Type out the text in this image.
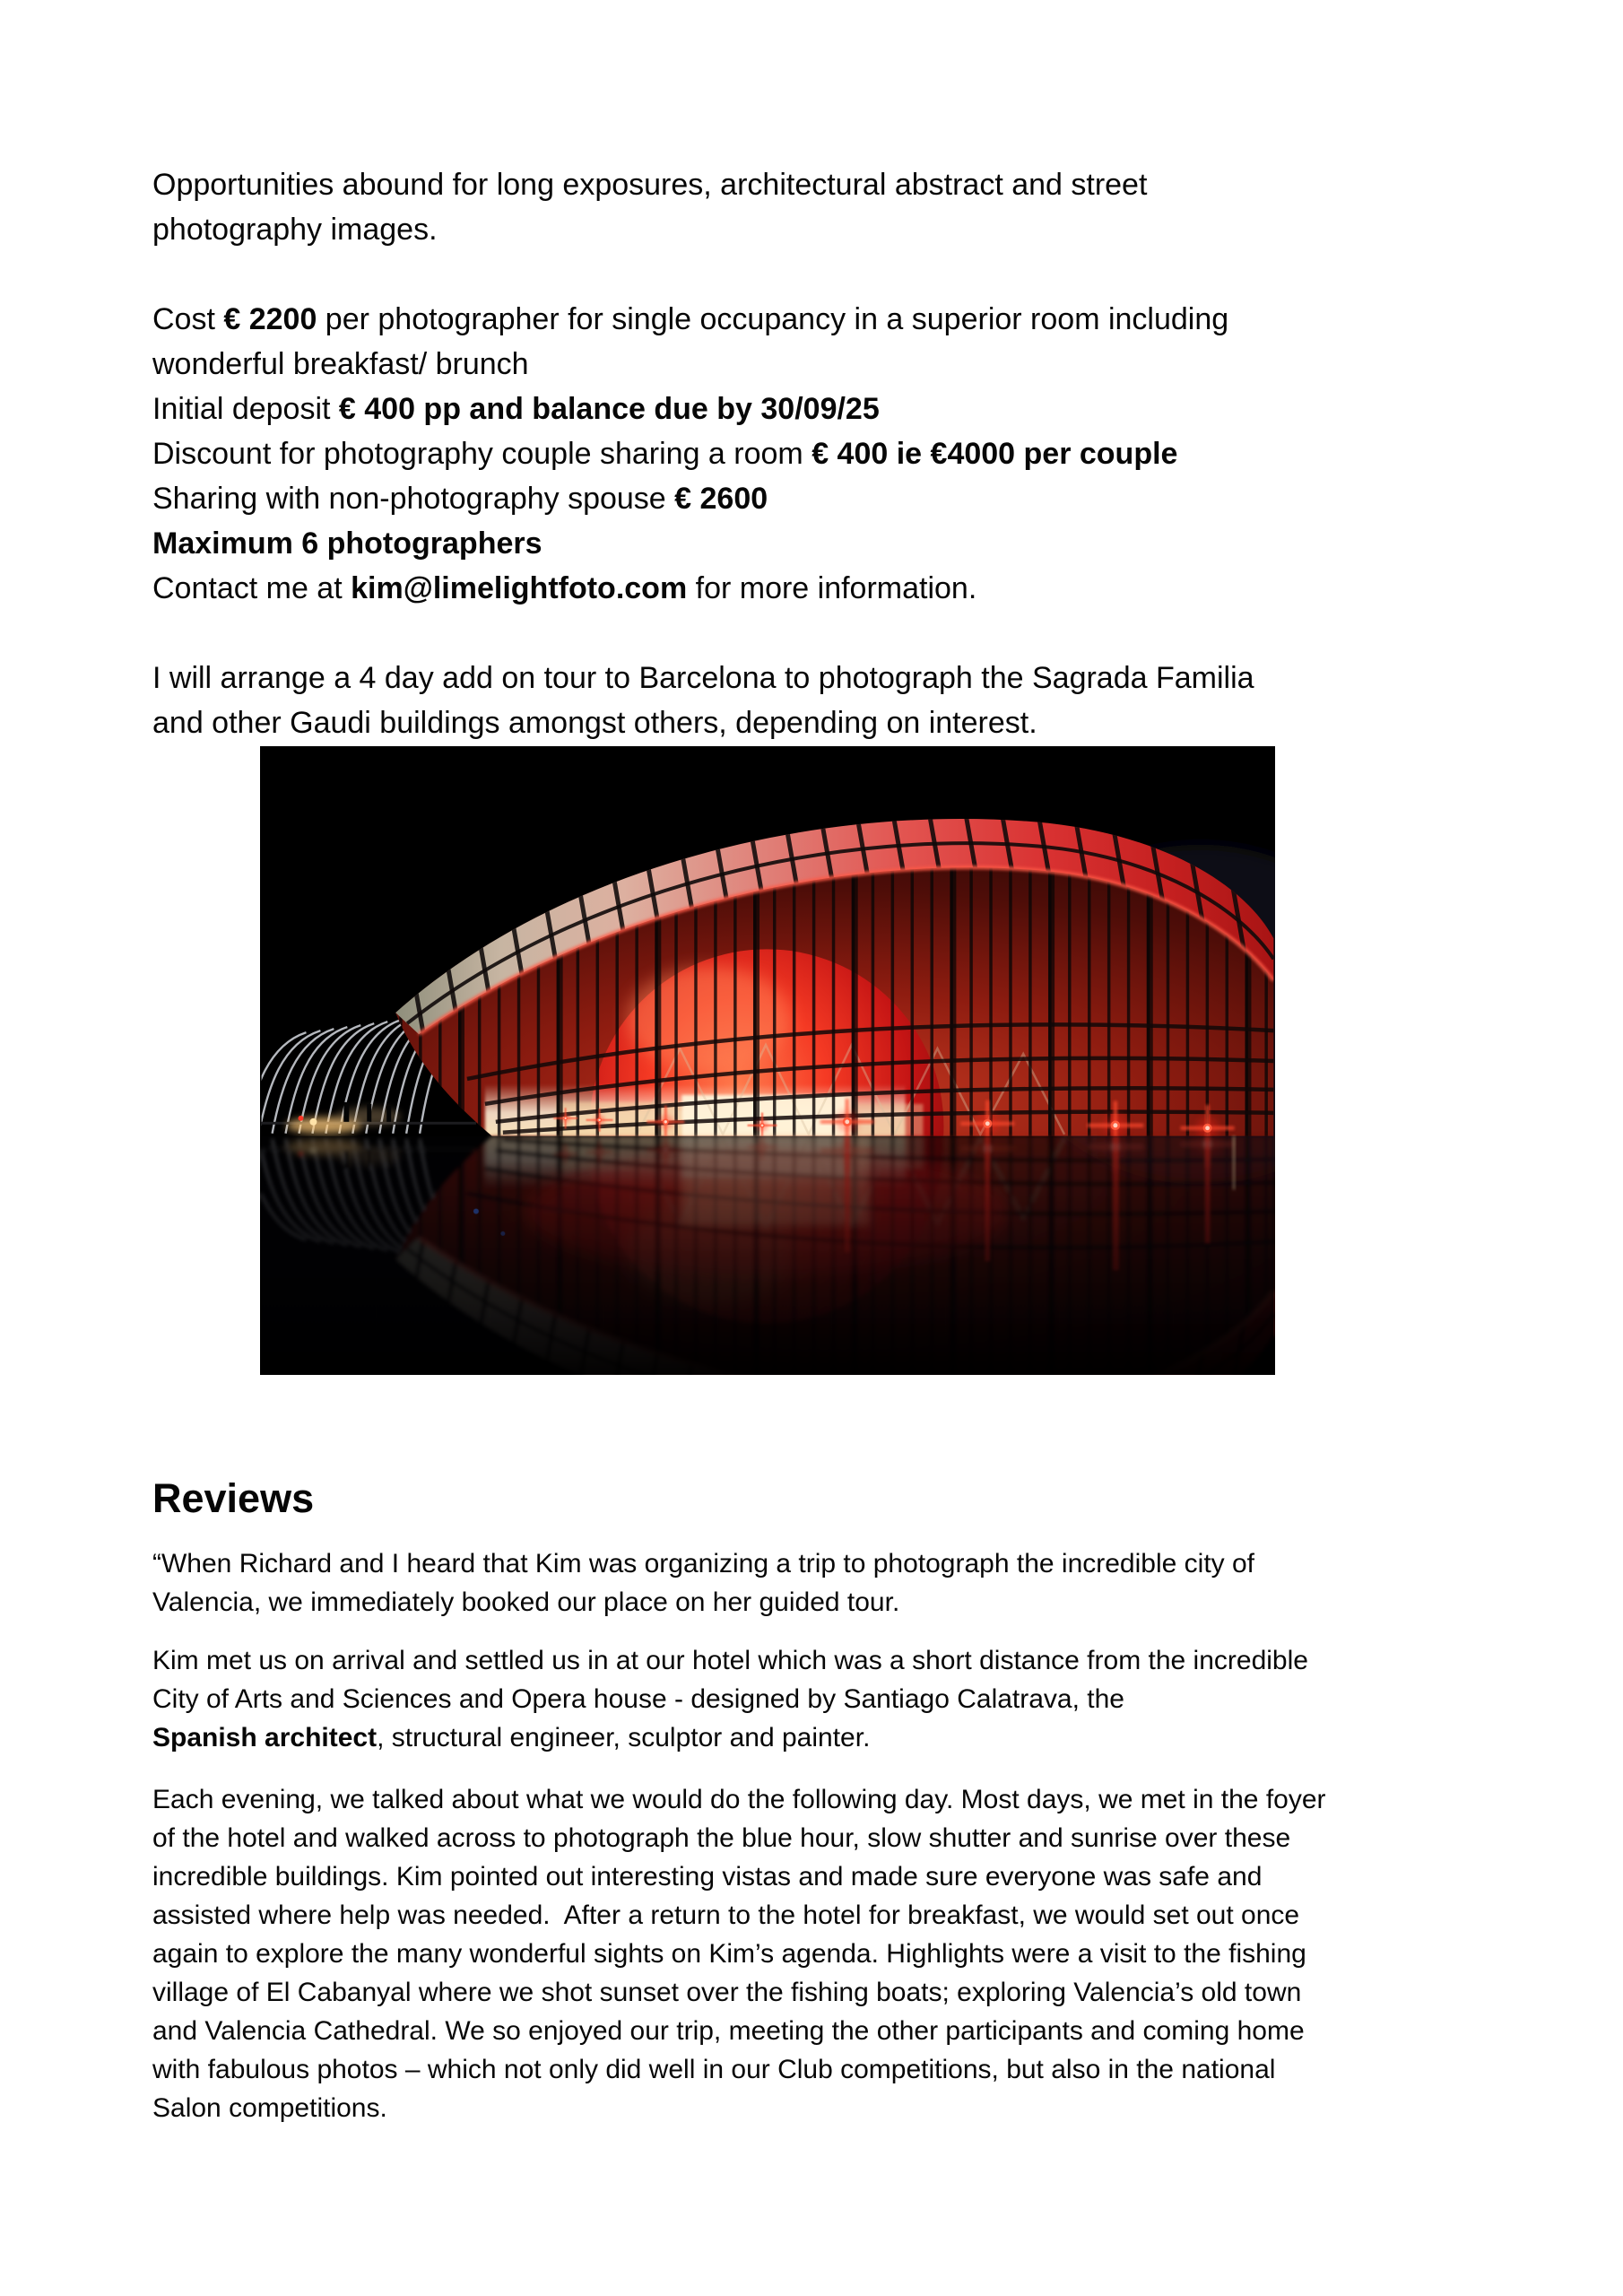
Opportunities abound for long exposures, architectural abstract and street
photography images.
Cost € 2200 per photographer for single occupancy in a superior room including
wonderful breakfast/ brunch
Initial deposit € 400 pp and balance due by 30/09/25
Discount for photography couple sharing a room € 400 ie €4000 per couple
Sharing with non-photography spouse € 2600
Maximum 6 photographers
Contact me at kim@limelightfoto.com for more information.
I will arrange a 4 day add on tour to Barcelona to photograph the Sagrada Familia
and other Gaudi buildings amongst others, depending on interest.
Reviews
“When Richard and I heard that Kim was organizing a trip to photograph the incredible city of
Valencia, we immediately booked our place on her guided tour.
Kim met us on arrival and settled us in at our hotel which was a short distance from the incredible
City of Arts and Sciences and Opera house - designed by Santiago Calatrava, the
Spanish architect, structural engineer, sculptor and painter.
Each evening, we talked about what we would do the following day. Most days, we met in the foyer
of the hotel and walked across to photograph the blue hour, slow shutter and sunrise over these
incredible buildings. Kim pointed out interesting vistas and made sure everyone was safe and
assisted where help was needed.  After a return to the hotel for breakfast, we would set out once
again to explore the many wonderful sights on Kim’s agenda. Highlights were a visit to the fishing
village of El Cabanyal where we shot sunset over the fishing boats; exploring Valencia’s old town
and Valencia Cathedral. We so enjoyed our trip, meeting the other participants and coming home
with fabulous photos – which not only did well in our Club competitions, but also in the national
Salon competitions.
